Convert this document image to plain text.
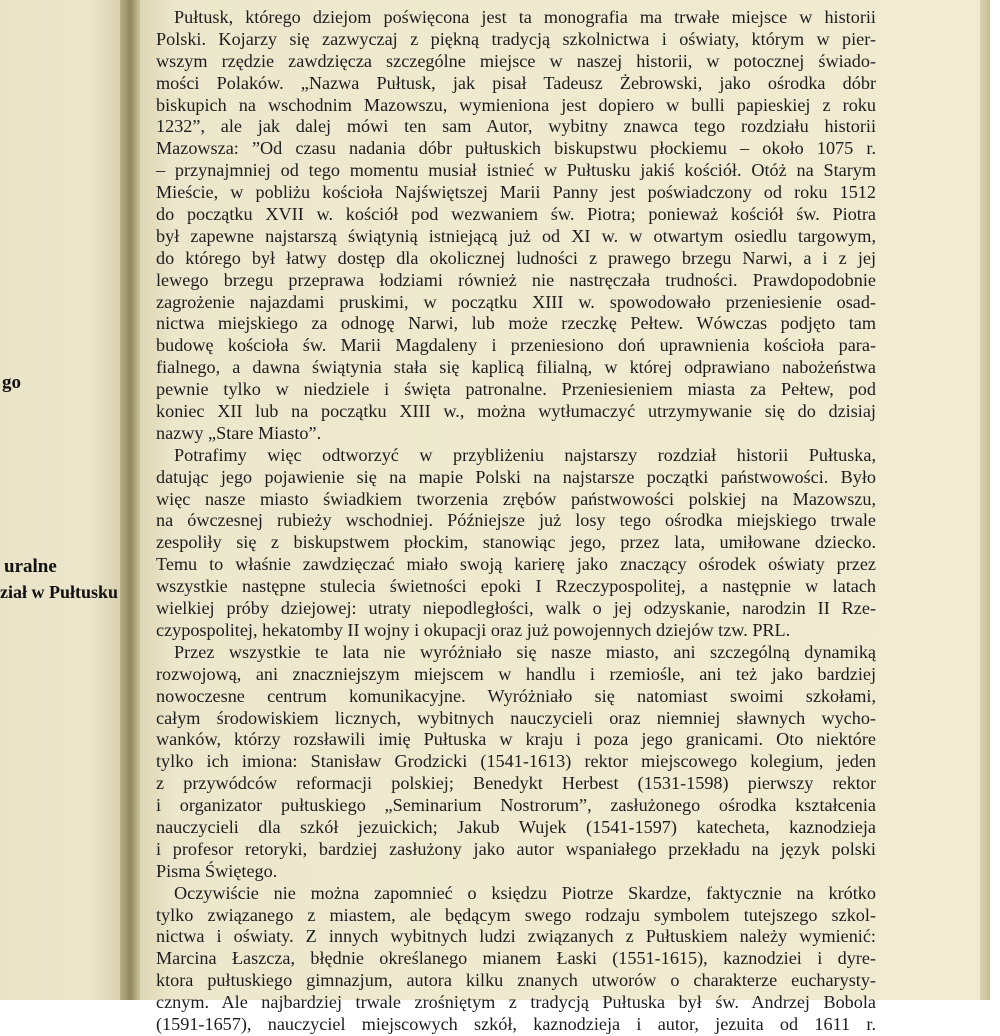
go
uralne
ział w Pułtusku
Pułtusk, którego dziejom poświęcona jest ta monografia ma trwałe miejsce w historii
Polski. Kojarzy się zazwyczaj z piękną tradycją szkolnictwa i oświaty, którym w pier-
wszym rzędzie zawdzięcza szczególne miejsce w naszej historii, w potocznej świado-
mości Polaków. „Nazwa Pułtusk, jak pisał Tadeusz Żebrowski, jako ośrodka dóbr
biskupich na wschodnim Mazowszu, wymieniona jest dopiero w bulli papieskiej z roku
1232”, ale jak dalej mówi ten sam Autor, wybitny znawca tego rozdziału historii
Mazowsza: ”Od czasu nadania dóbr pułtuskich biskupstwu płockiemu – około 1075 r.
– przynajmniej od tego momentu musiał istnieć w Pułtusku jakiś kościół. Otóż na Starym
Mieście, w pobliżu kościoła Najświętszej Marii Panny jest poświadczony od roku 1512
do początku XVII w. kościół pod wezwaniem św. Piotra; ponieważ kościół św. Piotra
był zapewne najstarszą świątynią istniejącą już od XI w. w otwartym osiedlu targowym,
do którego był łatwy dostęp dla okolicznej ludności z prawego brzegu Narwi, a i z jej
lewego brzegu przeprawa łodziami również nie nastręczała trudności. Prawdopodobnie
zagrożenie najazdami pruskimi, w początku XIII w. spowodowało przeniesienie osad-
nictwa miejskiego za odnogę Narwi, lub może rzeczkę Pełtew. Wówczas podjęto tam
budowę kościoła św. Marii Magdaleny i przeniesiono doń uprawnienia kościoła para-
fialnego, a dawna świątynia stała się kaplicą filialną, w której odprawiano nabożeństwa
pewnie tylko w niedziele i święta patronalne. Przeniesieniem miasta za Pełtew, pod
koniec XII lub na początku XIII w., można wytłumaczyć utrzymywanie się do dzisiaj
nazwy „Stare Miasto”.
Potrafimy więc odtworzyć w przybliżeniu najstarszy rozdział historii Pułtuska,
datując jego pojawienie się na mapie Polski na najstarsze początki państwowości. Było
więc nasze miasto świadkiem tworzenia zrębów państwowości polskiej na Mazowszu,
na ówczesnej rubieży wschodniej. Późniejsze już losy tego ośrodka miejskiego trwale
zespoliły się z biskupstwem płockim, stanowiąc jego, przez lata, umiłowane dziecko.
Temu to właśnie zawdzięczać miało swoją karierę jako znaczący ośrodek oświaty przez
wszystkie następne stulecia świetności epoki I Rzeczypospolitej, a następnie w latach
wielkiej próby dziejowej: utraty niepodległości, walk o jej odzyskanie, narodzin II Rze-
czypospolitej, hekatomby II wojny i okupacji oraz już powojennych dziejów tzw. PRL.
Przez wszystkie te lata nie wyróżniało się nasze miasto, ani szczególną dynamiką
rozwojową, ani znaczniejszym miejscem w handlu i rzemiośle, ani też jako bardziej
nowoczesne centrum komunikacyjne. Wyróżniało się natomiast swoimi szkołami,
całym środowiskiem licznych, wybitnych nauczycieli oraz niemniej sławnych wycho-
wanków, którzy rozsławili imię Pułtuska w kraju i poza jego granicami. Oto niektóre
tylko ich imiona: Stanisław Grodzicki (1541-1613) rektor miejscowego kolegium, jeden
z przywódców reformacji polskiej; Benedykt Herbest (1531-1598) pierwszy rektor
i organizator pułtuskiego „Seminarium Nostrorum”, zasłużonego ośrodka kształcenia
nauczycieli dla szkół jezuickich; Jakub Wujek (1541-1597) katecheta, kaznodzieja
i profesor retoryki, bardziej zasłużony jako autor wspaniałego przekładu na język polski
Pisma Świętego.
Oczywiście nie można zapomnieć o księdzu Piotrze Skardze, faktycznie na krótko
tylko związanego z miastem, ale będącym swego rodzaju symbolem tutejszego szkol-
nictwa i oświaty. Z innych wybitnych ludzi związanych z Pułtuskiem należy wymienić:
Marcina Łaszcza, błędnie określanego mianem Łaski (1551-1615), kaznodziei i dyre-
ktora pułtuskiego gimnazjum, autora kilku znanych utworów o charakterze eucharysty-
cznym. Ale najbardziej trwale zrośniętym z tradycją Pułtuska był św. Andrzej Bobola
(1591-1657), nauczyciel miejscowych szkół, kaznodzieja i autor, jezuita od 1611 r.
